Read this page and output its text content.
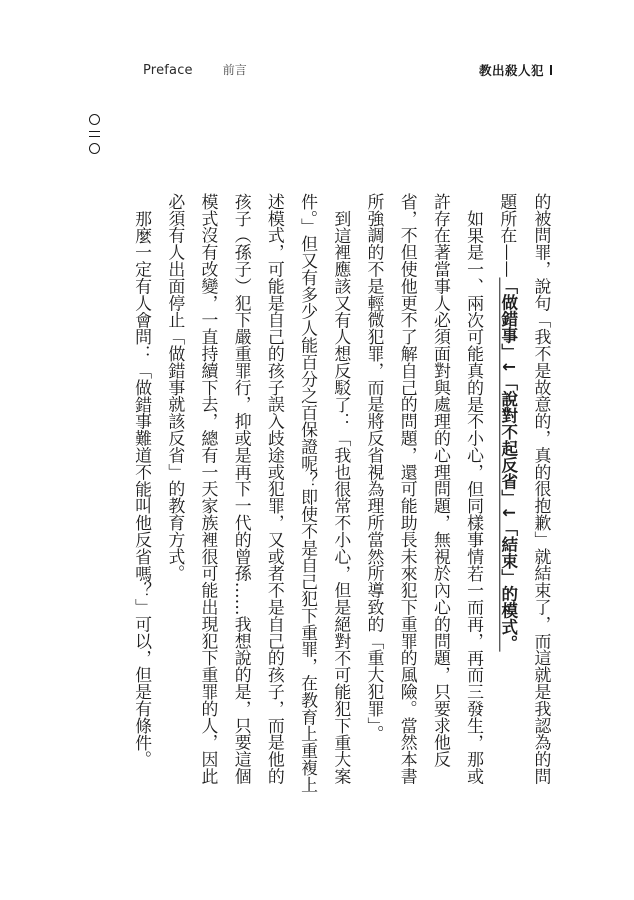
Preface	前言	教出殺人犯

的被問罪，說句「我不是故意的，真的很抱歉」就結束了，而這就是我認為的問題所在——「做錯事」↓「說對不起反省」↓「結束」的模式。

如果是一、兩次可能真的是不小心，但同樣事情若一而再，再而三發生，那或許存在著當事人必須面對與處理的心理問題，無視於內心的問題，只要求他反省，不但使他更不了解自己的問題，還可能助長未來犯下重罪的風險。當然本書所強調的不是輕微犯罪，而是將反省視為理所當然所導致的「重大犯罪」。

到這裡應該又有人想反駁了：「我也很常不小心，但是絕對不可能犯下重大案件。」但又有多少人能百分之百保證呢？即使不是自己犯下重罪，在教育上重複上述模式，可能是自己的孩子誤入歧途或犯罪，又或者不是自己的孩子，而是他的孩子（孫子）犯下嚴重罪行，抑或是再下一代的曾孫……我想說的是，只要這個模式沒有改變，一直持續下去，總有一天家族裡很可能出現犯下重罪的人，因此必須有人出面停止「做錯事就該反省」的教育方式。

那麼一定有人會問：「做錯事難道不能叫他反省嗎？」可以，但是有條件。
